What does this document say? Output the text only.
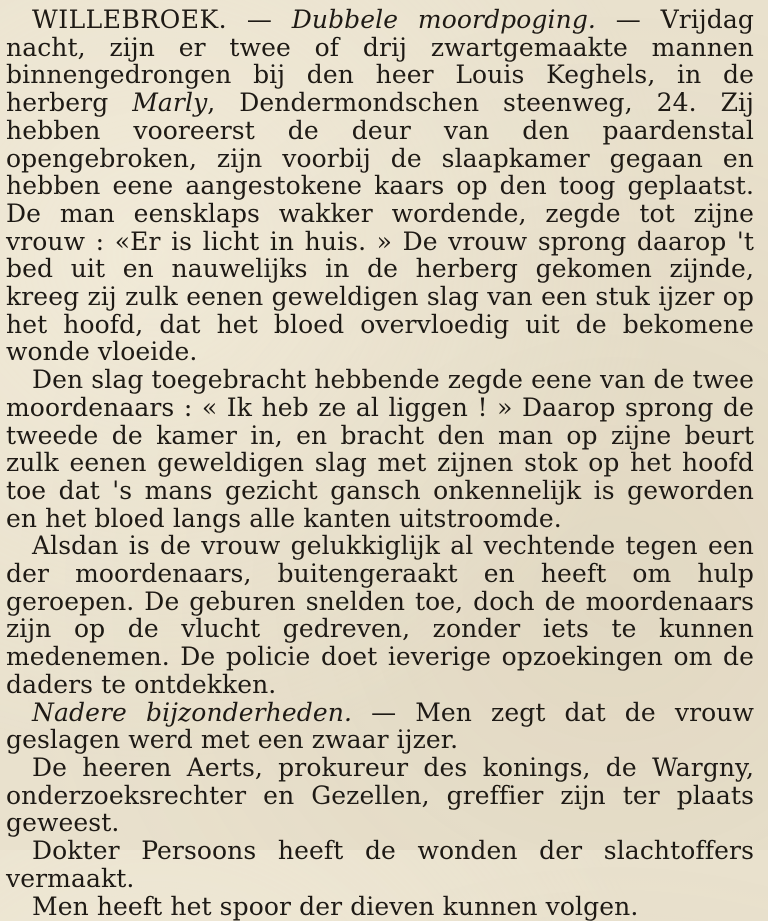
WILLEBROEK. — Dubbele moordpoging. — Vrijdag nacht, zijn er twee of drij zwartgemaakte mannen binnengedrongen bij den heer Louis Keghels, in de herberg Marly, Dendermondschen steenweg, 24. Zij hebben vooreerst de deur van den paardenstal opengebroken, zijn voorbij de slaapkamer gegaan en hebben eene aangestokene kaars op den toog geplaatst. De man eensklaps wakker wordende, zegde tot zijne vrouw : «Er is licht in huis. » De vrouw sprong daarop 't bed uit en nauwelijks in de herberg gekomen zijnde, kreeg zij zulk eenen geweldigen slag van een stuk ijzer op het hoofd, dat het bloed overvloedig uit de bekomene wonde vloeide.

Den slag toegebracht hebbende zegde eene van de twee moordenaars : « Ik heb ze al liggen ! » Daarop sprong de tweede de kamer in, en bracht den man op zijne beurt zulk eenen geweldigen slag met zijnen stok op het hoofd toe dat 's mans gezicht gansch onkennelijk is geworden en het bloed langs alle kanten uitstroomde.

Alsdan is de vrouw gelukkiglijk al vechtende tegen een der moordenaars, buitengeraakt en heeft om hulp geroepen. De geburen snelden toe, doch de moordenaars zijn op de vlucht gedreven, zonder iets te kunnen medenemen. De policie doet ieverige opzoekingen om de daders te ontdekken.

Nadere bijzonderheden. — Men zegt dat de vrouw geslagen werd met een zwaar ijzer.

De heeren Aerts, prokureur des konings, de Wargny, onderzoeksrechter en Gezellen, greffier zijn ter plaats geweest.

Dokter Persoons heeft de wonden der slachtoffers vermaakt.

Men heeft het spoor der dieven kunnen volgen.
